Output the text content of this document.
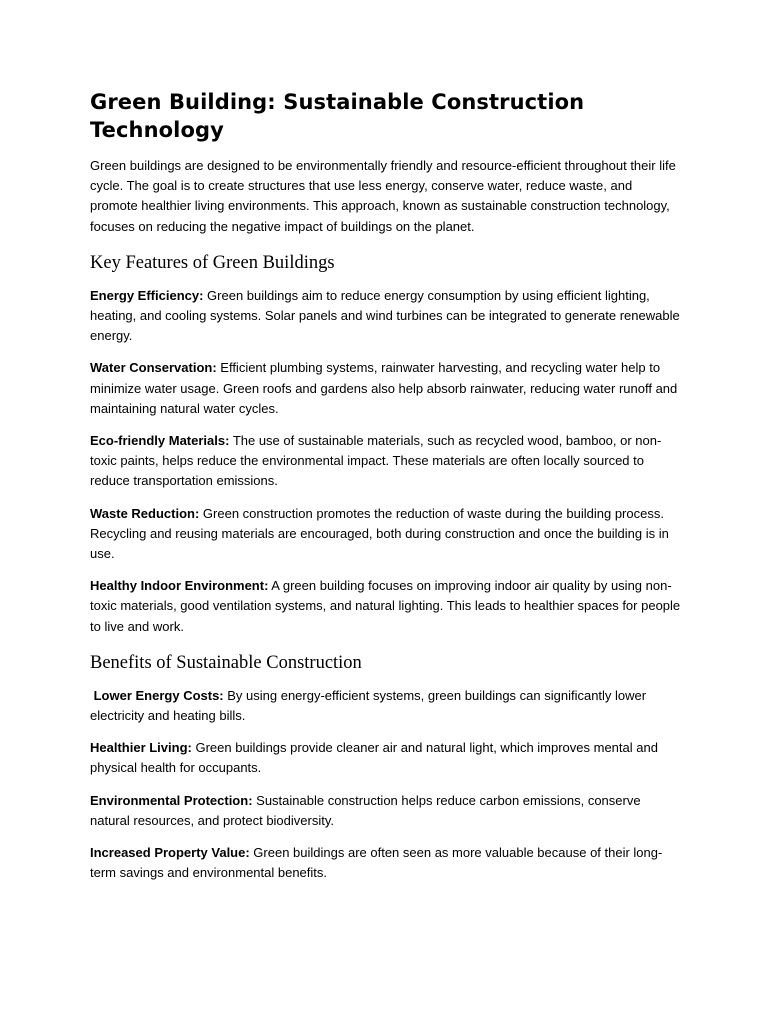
Green Building: Sustainable Construction Technology

Green buildings are designed to be environmentally friendly and resource-efficient throughout their life cycle. The goal is to create structures that use less energy, conserve water, reduce waste, and promote healthier living environments. This approach, known as sustainable construction technology, focuses on reducing the negative impact of buildings on the planet.

Key Features of Green Buildings

Energy Efficiency: Green buildings aim to reduce energy consumption by using efficient lighting, heating, and cooling systems. Solar panels and wind turbines can be integrated to generate renewable energy.

Water Conservation: Efficient plumbing systems, rainwater harvesting, and recycling water help to minimize water usage. Green roofs and gardens also help absorb rainwater, reducing water runoff and maintaining natural water cycles.

Eco-friendly Materials: The use of sustainable materials, such as recycled wood, bamboo, or non-toxic paints, helps reduce the environmental impact. These materials are often locally sourced to reduce transportation emissions.

Waste Reduction: Green construction promotes the reduction of waste during the building process. Recycling and reusing materials are encouraged, both during construction and once the building is in use.

Healthy Indoor Environment: A green building focuses on improving indoor air quality by using non-toxic materials, good ventilation systems, and natural lighting. This leads to healthier spaces for people to live and work.

Benefits of Sustainable Construction

Lower Energy Costs: By using energy-efficient systems, green buildings can significantly lower electricity and heating bills.

Healthier Living: Green buildings provide cleaner air and natural light, which improves mental and physical health for occupants.

Environmental Protection: Sustainable construction helps reduce carbon emissions, conserve natural resources, and protect biodiversity.

Increased Property Value: Green buildings are often seen as more valuable because of their long-term savings and environmental benefits.
